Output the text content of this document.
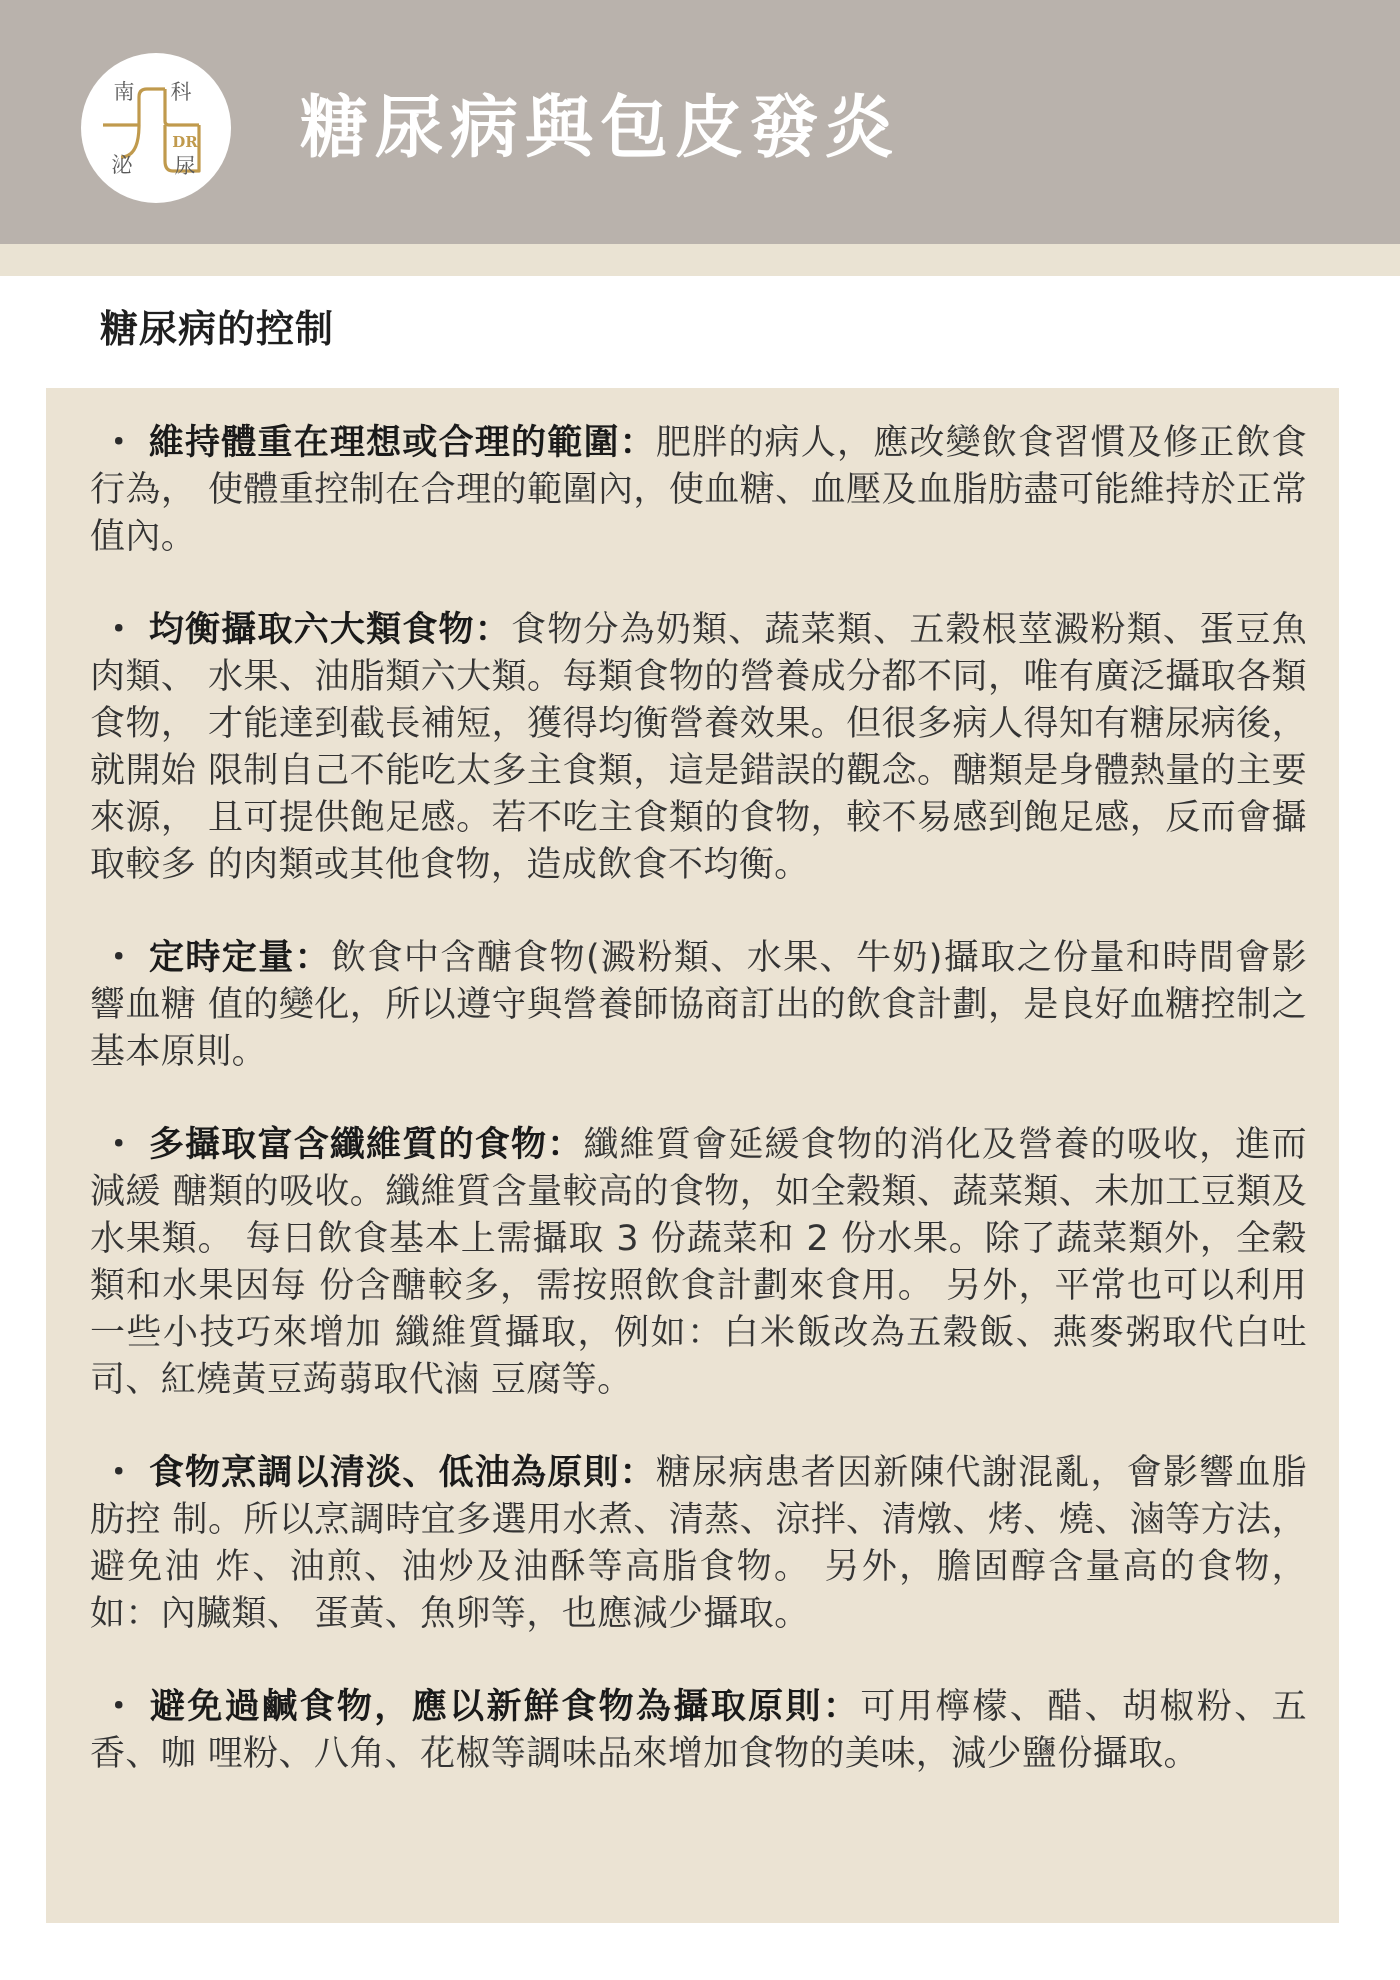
南 科
泌 尿
DR 糖尿病與包皮發炎
糖尿病的控制

・ 維持體重在理想或合理的範圍：肥胖的病人，應改變飲食習慣及修正飲食行為， 使體重控制在合理的範圍內，使血糖、血壓及血脂肪盡可能維持於正常值內。

・ 均衡攝取六大類食物：食物分為奶類、蔬菜類、五穀根莖澱粉類、蛋豆魚肉類、 水果、油脂類六大類。每類食物的營養成分都不同，唯有廣泛攝取各類食物， 才能達到截長補短，獲得均衡營養效果。但很多病人得知有糖尿病後，就開始 限制自己不能吃太多主食類，這是錯誤的觀念。醣類是身體熱量的主要來源， 且可提供飽足感。若不吃主食類的食物，較不易感到飽足感，反而會攝取較多 的肉類或其他食物，造成飲食不均衡。

・ 定時定量：飲食中含醣食物(澱粉類、水果、牛奶)攝取之份量和時間會影響血糖 值的變化，所以遵守與營養師協商訂出的飲食計劃，是良好血糖控制之基本原則。

・ 多攝取富含纖維質的食物：纖維質會延緩食物的消化及營養的吸收，進而減緩 醣類的吸收。纖維質含量較高的食物，如全穀類、蔬菜類、未加工豆類及水果類。 每日飲食基本上需攝取 3 份蔬菜和 2 份水果。除了蔬菜類外，全穀類和水果因每 份含醣較多，需按照飲食計劃來食用。 另外，平常也可以利用一些小技巧來增加 纖維質攝取，例如：白米飯改為五穀飯、燕麥粥取代白吐司、紅燒黃豆蒟蒻取代滷 豆腐等。

・ 食物烹調以清淡、低油為原則：糖尿病患者因新陳代謝混亂，會影響血脂肪控 制。所以烹調時宜多選用水煮、清蒸、涼拌、清燉、烤、燒、滷等方法，避免油 炸、油煎、油炒及油酥等高脂食物。 另外，膽固醇含量高的食物，如：內臟類、 蛋黃、魚卵等，也應減少攝取。

・ 避免過鹹食物，應以新鮮食物為攝取原則：可用檸檬、醋、胡椒粉、五香、咖 哩粉、八角、花椒等調味品來增加食物的美味，減少鹽份攝取。
